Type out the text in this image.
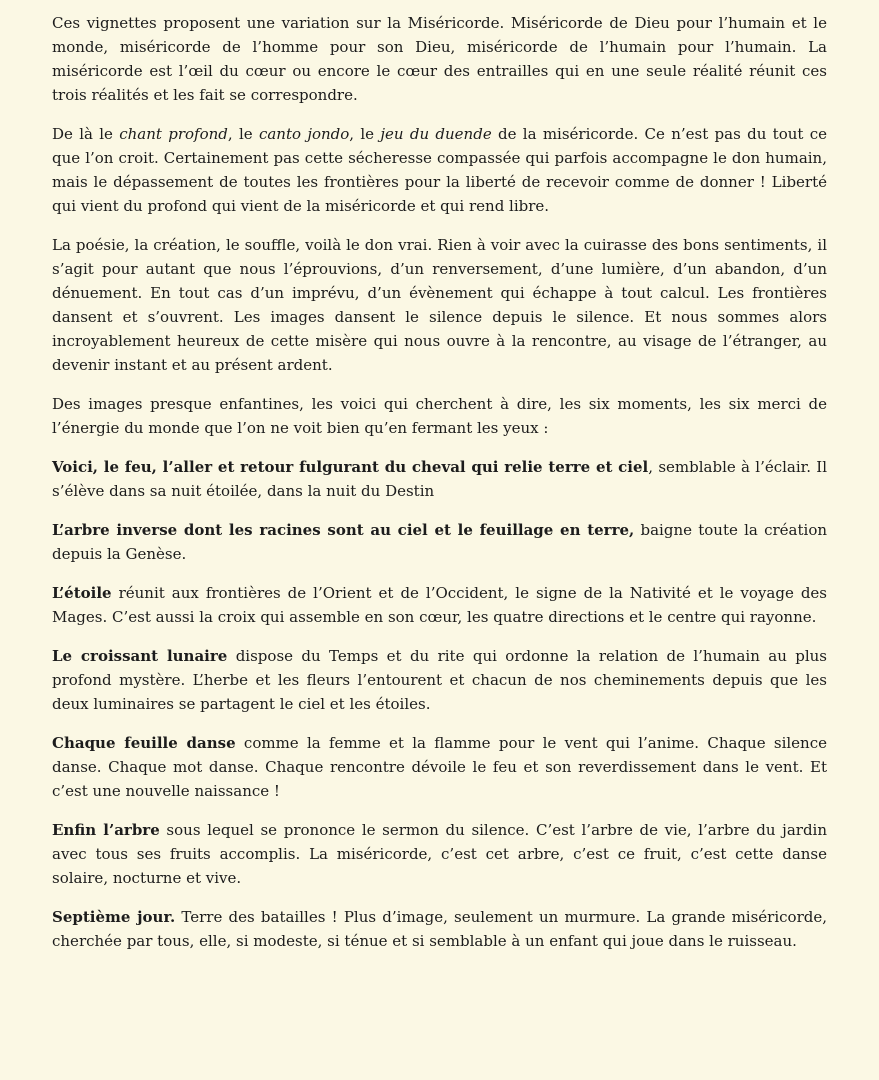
Ces vignettes proposent une variation sur la Miséricorde. Miséricorde de Dieu pour l’humain et le monde, miséricorde de l’homme pour son Dieu, miséricorde de l’humain pour l’humain. La miséricorde est l’œil du cœur ou encore le cœur des entrailles qui en une seule réalité réunit ces trois réalités et les fait se correspondre.

De là le chant profond, le canto jondo, le jeu du duende de la miséricorde. Ce n’est pas du tout ce que l’on croit. Certainement pas cette sécheresse compassée qui parfois accompagne le don humain, mais le dépassement de toutes les frontières pour la liberté de recevoir comme de donner ! Liberté qui vient du profond qui vient de la miséricorde et qui rend libre.

La poésie, la création, le souffle, voilà le don vrai. Rien à voir avec la cuirasse des bons sentiments, il s’agit pour autant que nous l’éprouvions, d’un renversement, d’une lumière, d’un abandon, d’un dénuement. En tout cas d’un imprévu, d’un évènement qui échappe à tout calcul. Les frontières dansent et s’ouvrent. Les images dansent le silence depuis le silence. Et nous sommes alors incroyablement heureux de cette misère qui nous ouvre à la rencontre, au visage de l’étranger, au devenir instant et au présent ardent.

Des images presque enfantines, les voici qui cherchent à dire, les six moments, les six merci de l’énergie du monde que l’on ne voit bien qu’en fermant les yeux :

Voici, le feu, l’aller et retour fulgurant du cheval qui relie terre et ciel, semblable à l’éclair. Il s’élève dans sa nuit étoilée, dans la nuit du Destin

L’arbre inverse dont les racines sont au ciel et le feuillage en terre, baigne toute la création depuis la Genèse.

L’étoile réunit aux frontières de l’Orient et de l’Occident, le signe de la Nativité et le voyage des Mages. C’est aussi la croix qui assemble en son cœur, les quatre directions et le centre qui rayonne.

Le croissant lunaire dispose du Temps et du rite qui ordonne la relation de l’humain au plus profond mystère. L’herbe et les fleurs l’entourent et chacun de nos cheminements depuis que les deux luminaires se partagent le ciel et les étoiles.

Chaque feuille danse comme la femme et la flamme pour le vent qui l’anime. Chaque silence danse. Chaque mot danse. Chaque rencontre dévoile le feu et son reverdissement dans le vent. Et c’est une nouvelle naissance !

Enfin l’arbre sous lequel se prononce le sermon du silence. C’est l’arbre de vie, l’arbre du jardin avec tous ses fruits accomplis. La miséricorde, c’est cet arbre, c’est ce fruit, c’est cette danse solaire, nocturne et vive.

Septième jour. Terre des batailles ! Plus d’image, seulement un murmure. La grande miséricorde, cherchée par tous, elle, si modeste, si ténue et si semblable à un enfant qui joue dans le ruisseau.
